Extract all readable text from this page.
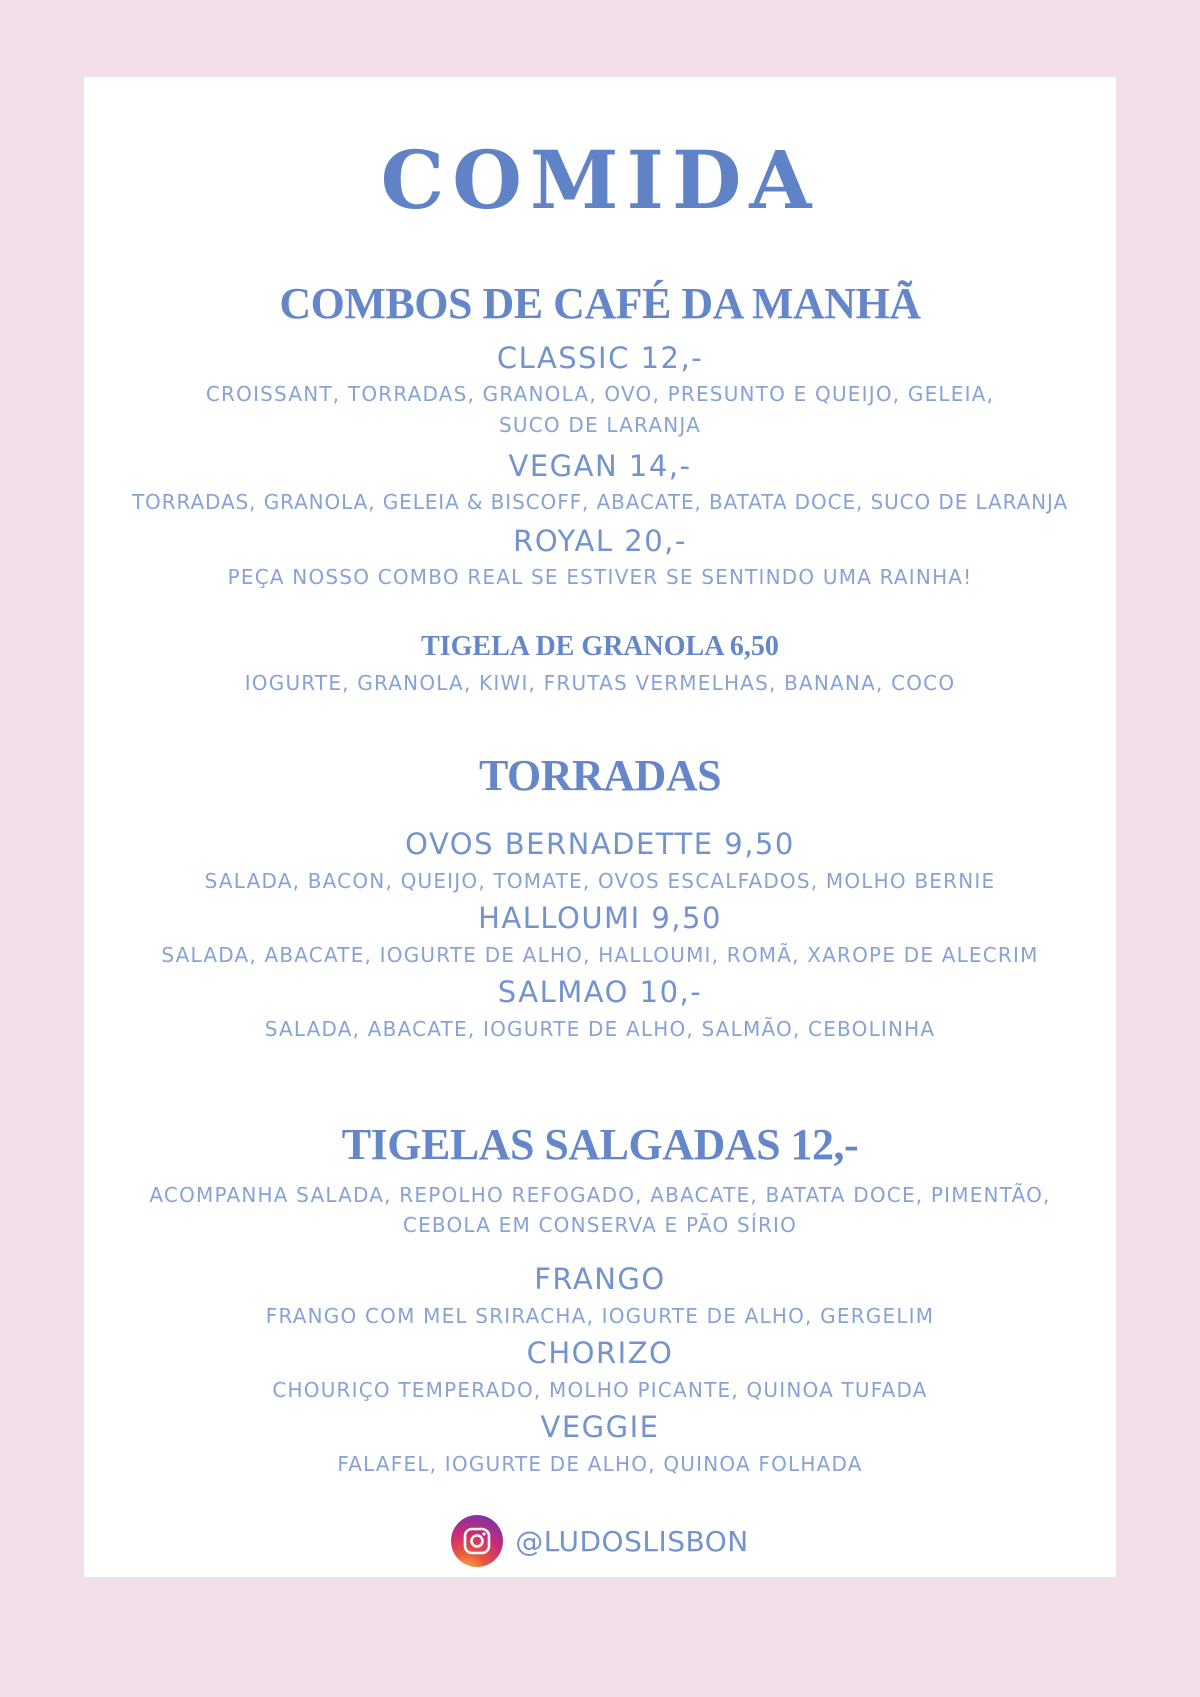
COMIDA
COMBOS DE CAFÉ DA MANHÃ
CLASSIC 12,-
CROISSANT, TORRADAS, GRANOLA, OVO, PRESUNTO E QUEIJO, GELEIA,
SUCO DE LARANJA
VEGAN 14,-
TORRADAS, GRANOLA, GELEIA & BISCOFF, ABACATE, BATATA DOCE, SUCO DE LARANJA
ROYAL 20,-
PEÇA NOSSO COMBO REAL SE ESTIVER SE SENTINDO UMA RAINHA!
TIGELA DE GRANOLA 6,50
IOGURTE, GRANOLA, KIWI, FRUTAS VERMELHAS, BANANA, COCO
TORRADAS
OVOS BERNADETTE 9,50
SALADA, BACON, QUEIJO, TOMATE, OVOS ESCALFADOS, MOLHO BERNIE
HALLOUMI 9,50
SALADA, ABACATE, IOGURTE DE ALHO, HALLOUMI, ROMÃ, XAROPE DE ALECRIM
SALMAO 10,-
SALADA, ABACATE, IOGURTE DE ALHO, SALMÃO, CEBOLINHA
TIGELAS SALGADAS 12,-
ACOMPANHA SALADA, REPOLHO REFOGADO, ABACATE, BATATA DOCE, PIMENTÃO,
CEBOLA EM CONSERVA E PÃO SÍRIO
FRANGO
FRANGO COM MEL SRIRACHA, IOGURTE DE ALHO, GERGELIM
CHORIZO
CHOURIÇO TEMPERADO, MOLHO PICANTE, QUINOA TUFADA
VEGGIE
FALAFEL, IOGURTE DE ALHO, QUINOA FOLHADA
@LUDOSLISBON
